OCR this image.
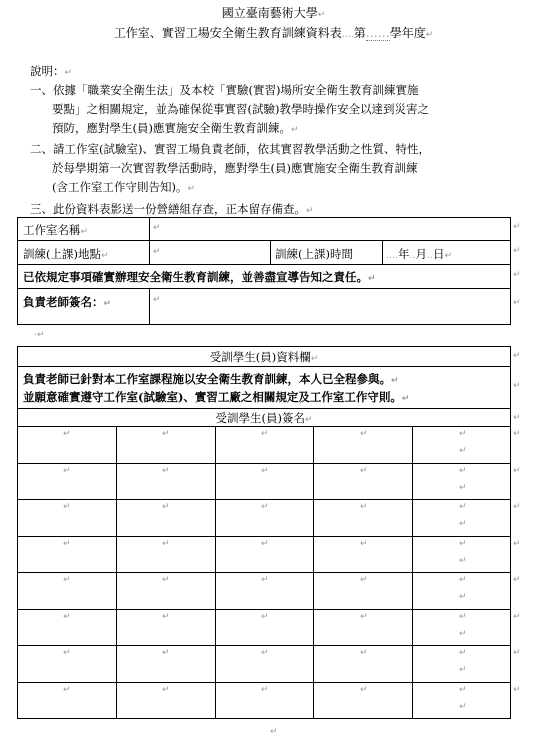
國立臺南藝術大學↵
工作室、實習工場安全衛生教育訓練資料表‥‥第‥‥‥學年度↵
說明：↵
一、依據「職業安全衛生法」及本校「實驗(實習)場所安全衛生教育訓練實施
要點」之相關規定，並為確保從事實習(試驗)教學時操作安全以達到災害之
預防，應對學生(員)應實施安全衛生教育訓練。↵
二、請工作室(試驗室)、實習工場負責老師，依其實習教學活動之性質、特性，
於每學期第一次實習教學活動時，應對學生(員)應實施安全衛生教育訓練
(含工作室工作守則告知)。↵
三、此份資料表影送一份營繕組存查，正本留存備查。↵
工作室名稱↵	↵
訓練(上課)地點↵	↵	訓練(上課)時間	‥‥年‥月‥日↵
已依規定事項確實辦理安全衛生教育訓練，並善盡宣導告知之責任。↵
負責老師簽名：↵	↵
↵
↵
↵
↵
·↵
受訓學生(員)資料欄↵
負責老師已針對本工作室課程施以安全衛生教育訓練，本人已全程參與。↵
並願意確實遵守工作室(試驗室)、實習工廠之相關規定及工作室工作守則。↵
受訓學生(員)簽名↵
↵	↵	↵	↵	↵
↵
↵
↵	↵	↵	↵	↵
↵
↵
↵	↵	↵	↵	↵
↵
↵
↵	↵	↵	↵	↵
↵
↵
↵	↵	↵	↵	↵
↵
↵
↵	↵	↵	↵	↵
↵
↵
↵	↵	↵	↵	↵
↵
↵
↵	↵	↵	↵	↵
↵
↵
↵
↵
↵
↵
